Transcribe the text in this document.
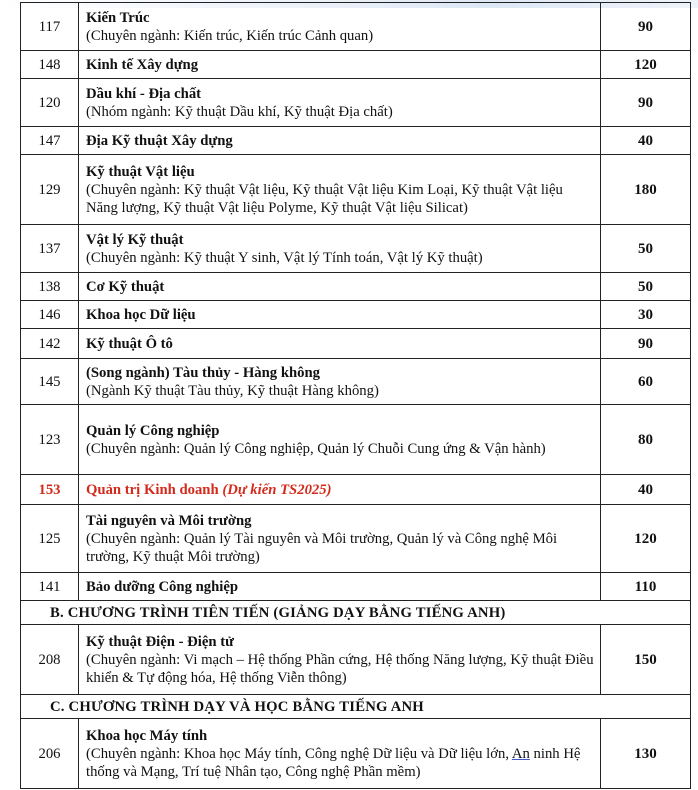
117	Kiến Trúc
(Chuyên ngành: Kiến trúc, Kiến trúc Cảnh quan)	90
148	Kinh tế Xây dựng	120
120	Dầu khí - Địa chất
(Nhóm ngành: Kỹ thuật Dầu khí, Kỹ thuật Địa chất)	90
147	Địa Kỹ thuật Xây dựng	40
129	Kỹ thuật Vật liệu
(Chuyên ngành: Kỹ thuật Vật liệu, Kỹ thuật Vật liệu Kim Loại, Kỹ thuật Vật liệu Năng lượng, Kỹ thuật Vật liệu Polyme, Kỹ thuật Vật liệu Silicat)	180
137	Vật lý Kỹ thuật
(Chuyên ngành: Kỹ thuật Y sinh, Vật lý Tính toán, Vật lý Kỹ thuật)	50
138	Cơ Kỹ thuật	50
146	Khoa học Dữ liệu	30
142	Kỹ thuật Ô tô	90
145	(Song ngành) Tàu thủy - Hàng không
(Ngành Kỹ thuật Tàu thủy, Kỹ thuật Hàng không)	60
123	Quản lý Công nghiệp
(Chuyên ngành: Quản lý Công nghiệp, Quản lý Chuỗi Cung ứng & Vận hành)	80
153	Quản trị Kinh doanh (Dự kiến TS2025)	40
125	Tài nguyên và Môi trường
(Chuyên ngành: Quản lý Tài nguyên và Môi trường, Quản lý và Công nghệ Môi trường, Kỹ thuật Môi trường)	120
141	Bảo dưỡng Công nghiệp	110
B. CHƯƠNG TRÌNH TIÊN TIẾN (GIẢNG DẠY BẰNG TIẾNG ANH)		
208	Kỹ thuật Điện - Điện tử
(Chuyên ngành: Vi mạch – Hệ thống Phần cứng, Hệ thống Năng lượng, Kỹ thuật Điều khiển & Tự động hóa, Hệ thống Viễn thông)	150
C. CHƯƠNG TRÌNH DẠY VÀ HỌC BẰNG TIẾNG ANH		
206	Khoa học Máy tính
(Chuyên ngành: Khoa học Máy tính, Công nghệ Dữ liệu và Dữ liệu lớn, An ninh Hệ thống và Mạng, Trí tuệ Nhân tạo, Công nghệ Phần mềm)	130
